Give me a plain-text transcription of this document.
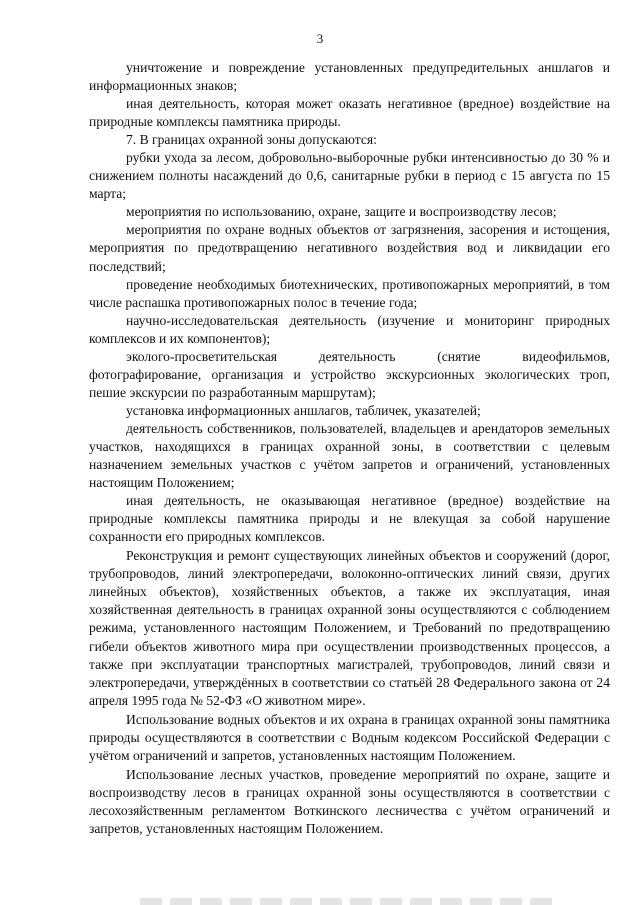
3

уничтожение и повреждение установленных предупредительных аншлагов и информационных знаков;

иная деятельность, которая может оказать негативное (вредное) воздействие на природные комплексы памятника природы.

7. В границах охранной зоны допускаются:

рубки ухода за лесом, добровольно-выборочные рубки интенсивностью до 30 % и снижением полноты насаждений до 0,6, санитарные рубки в период с 15 августа по 15 марта;

мероприятия по использованию, охране, защите и воспроизводству лесов;

мероприятия по охране водных объектов от загрязнения, засорения и истощения, мероприятия по предотвращению негативного воздействия вод и ликвидации его последствий;

проведение необходимых биотехнических, противопожарных мероприятий, в том числе распашка противопожарных полос в течение года;

научно-исследовательская деятельность (изучение и мониторинг природных комплексов и их компонентов);

эколого-просветительская деятельность (снятие видеофильмов, фотографирование, организация и устройство экскурсионных экологических троп, пешие экскурсии по разработанным маршрутам);

установка информационных аншлагов, табличек, указателей;

деятельность собственников, пользователей, владельцев и арендаторов земельных участков, находящихся в границах охранной зоны, в соответствии с целевым назначением земельных участков с учётом запретов и ограничений, установленных настоящим Положением;

иная деятельность, не оказывающая негативное (вредное) воздействие на природные комплексы памятника природы и не влекущая за собой нарушение сохранности его природных комплексов.

Реконструкция и ремонт существующих линейных объектов и сооружений (дорог, трубопроводов, линий электропередачи, волоконно-оптических линий связи, других линейных объектов), хозяйственных объектов, а также их эксплуатация, иная хозяйственная деятельность в границах охранной зоны осуществляются с соблюдением режима, установленного настоящим Положением, и Требований по предотвращению гибели объектов животного мира при осуществлении производственных процессов, а также при эксплуатации транспортных магистралей, трубопроводов, линий связи и электропередачи, утверждённых в соответствии со статьёй 28 Федерального закона от 24 апреля 1995 года № 52-ФЗ «О животном мире».

Использование водных объектов и их охрана в границах охранной зоны памятника природы осуществляются в соответствии с Водным кодексом Российской Федерации с учётом ограничений и запретов, установленных настоящим Положением.

Использование лесных участков, проведение мероприятий по охране, защите и воспроизводству лесов в границах охранной зоны осуществляются в соответствии с лесохозяйственным регламентом Воткинского лесничества с учётом ограничений и запретов, установленных настоящим Положением.
